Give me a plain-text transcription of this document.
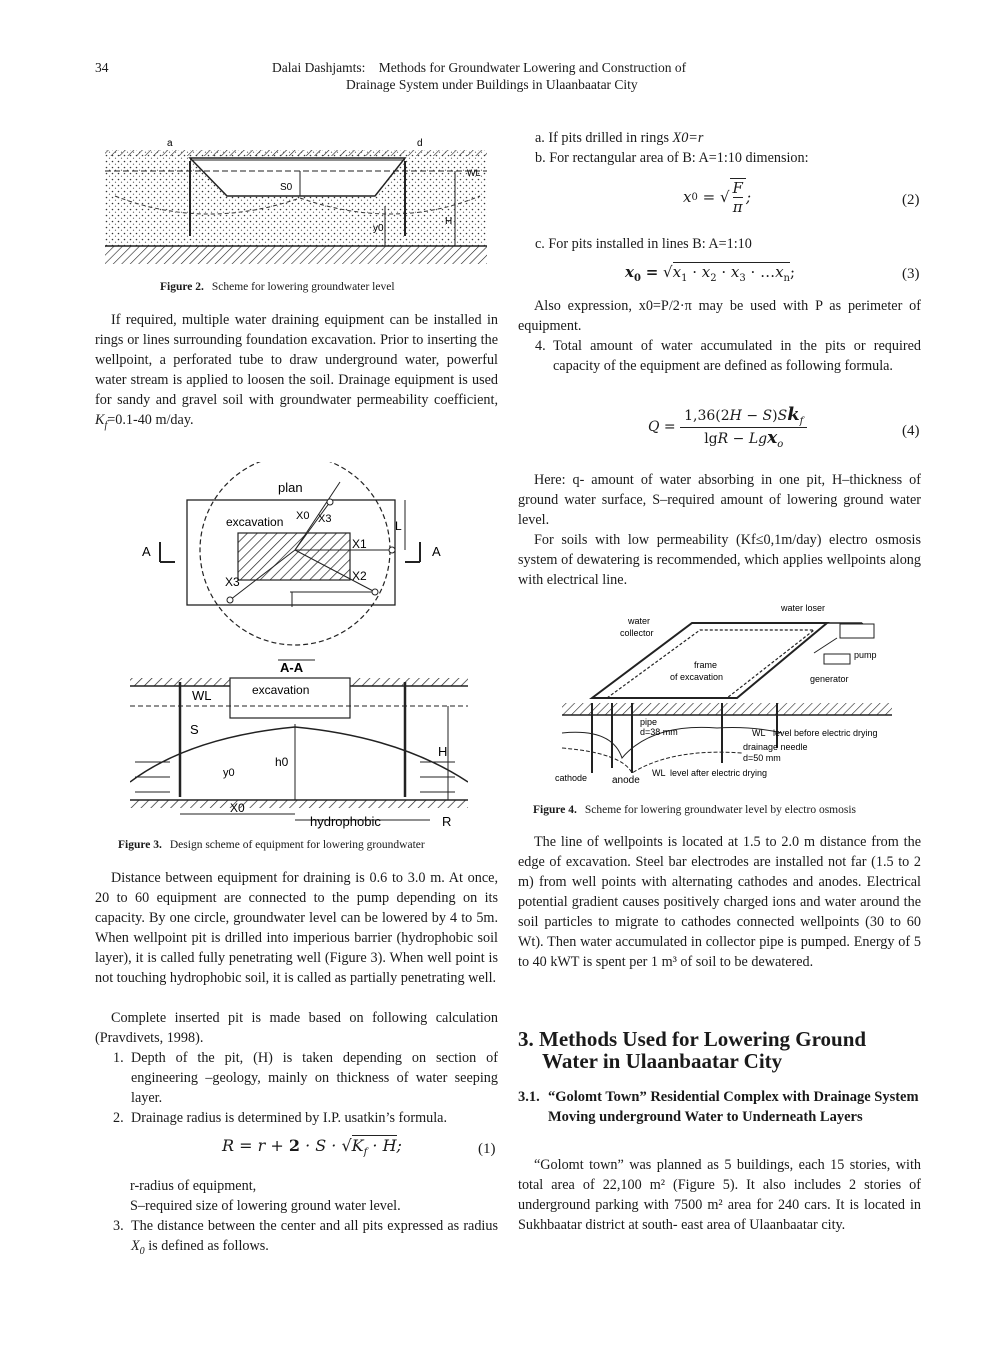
34	Dalai Dashjamts: Methods for Groundwater Lowering and Construction of
Drainage System under Buildings in Ulaanbaatar City
a	d
S0
WL
H
y0
Figure 2. Scheme for lowering groundwater level
If required, multiple water draining equipment can be installed in rings or lines surrounding foundation excavation. Prior to inserting the wellpoint, a perforated tube to draw underground water, powerful water stream is applied to loosen the soil. Drainage equipment is used for sandy and gravel soil with groundwater permeability coefficient, $K_f=0.1-40$ m/day.
plan
excavation X0 X3
X1
X2
X3
L
A	A
A-A
WL	excavation
S
h0
H
y0
X0
hydrophobic	R
Figure 3. Design scheme of equipment for lowering groundwater
Distance between equipment for draining is 0.6 to 3.0 m. At once, 20 to 60 equipment are connected to the pump depending on its capacity. By one circle, groundwater level can be lowered by 4 to 5m. When wellpoint pit is drilled into imperious barrier (hydrophobic soil layer), it is called fully penetrating well (Figure 3). When well point is not touching hydrophobic soil, it is called as partially penetrating well.
Complete inserted pit is made based on following calculation (Pravdivets, 1998).
1. Depth of the pit, (H) is taken depending on section of engineering –geology, mainly on thickness of water seeping layer.
2. Drainage radius is determined by I.P. usatkin’s formula.
$R = r + 2 \cdot S \cdot √K_f \cdot H$;	(1)
r-radius of equipment,
S–required size of lowering ground water level.
3. The distance between the center and all pits expressed as radius $X_0$ is defined as follows.
a. If pits drilled in rings X0=r
b. For rectangular area of B: A=1:10 dimension:
x 0 = √ F
π
;	(2)
c. For pits installed in lines B: A=1:10
$x_0 = √x_1 \cdot x_2 \cdot x_3$ · $\dots x_n$;	(3)
Also expression, x0=P/2·π may be used with P as perimeter of equipment.
4. Total amount of water accumulated in the pits or required capacity of the equipment are defined as following formula.
Q =
$1,36(2H - S)Sk_f$
lgR − Lgx$_o$
(4)
Here: q- amount of water absorbing in one pit, H–thickness of ground water surface, S–required amount of lowering ground water level.
For soils with low permeability (Kf≤0,1m/day) electro osmosis system of dewatering is recommended, which applies wellpoints along with electrical line.
water loser
water
collector
pump
frame
of excavation	generator
pipe
d=38 mm	WL level before electric drying
drainage needle
d=50 mm
WL level after electric drying
cathode anode
Figure 4. Scheme for lowering groundwater level by electro osmosis
The line of wellpoints is located at 1.5 to 2.0 m distance from the edge of excavation. Steel bar electrodes are installed not far (1.5 to 2 m) from well points with alternating cathodes and anodes. Electrical potential gradient causes positively charged ions and water around the soil particles to migrate to cathodes connected wellpoints (30 to 60 Wt). Then water accumulated in collector pipe is pumped. Energy of 5 to 40 kWT is spent per 1 m³ of soil to be dewatered.
3. Methods Used for Lowering Ground Water in Ulaanbaatar City
3.1. “Golomt Town” Residential Complex with Drainage System Moving underground Water to Underneath Layers
“Golomt town” was planned as 5 buildings, each 15 stories, with total area of 22,100 m² (Figure 5). It also includes 2 stories of underground parking with 7500 m² area for 240 cars. It is located in Sukhbaatar district at south- east area of Ulaanbaatar city.
